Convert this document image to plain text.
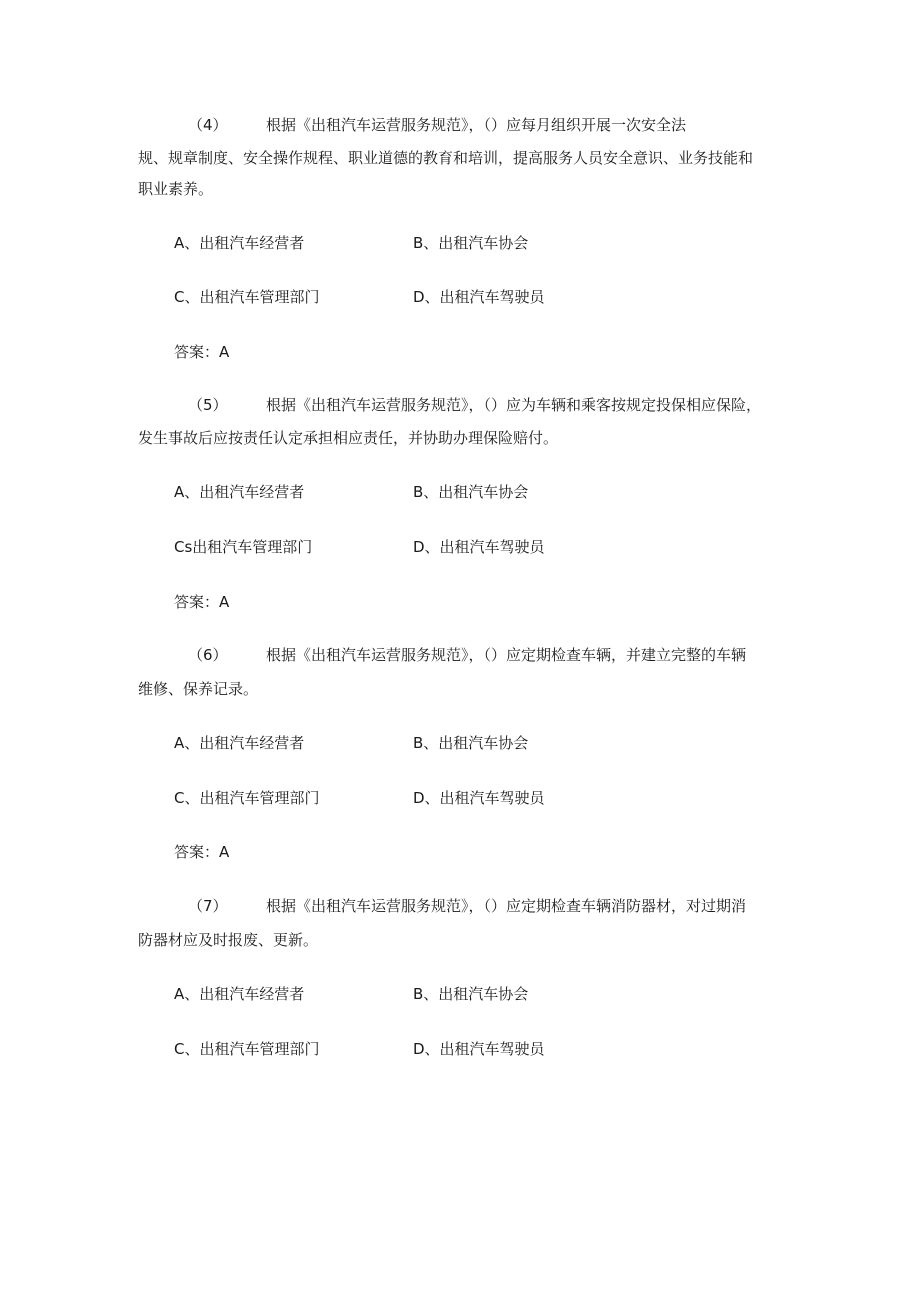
（4）	根据《出租汽车运营服务规范》，（）应每月组织开展一次安全法
规、规章制度、安全操作规程、职业道德的教育和培训，提高服务人员安全意识、业务技能和
职业素养。
A、出租汽车经营者	B、出租汽车协会
C、出租汽车管理部门	D、出租汽车驾驶员
答案：A
（5）	根据《出租汽车运营服务规范》，（）应为车辆和乘客按规定投保相应保险，
发生事故后应按责任认定承担相应责任，并协助办理保险赔付。
A、出租汽车经营者	B、出租汽车协会
Cs出租汽车管理部门	D、出租汽车驾驶员
答案：A
（6）	根据《出租汽车运营服务规范》，（）应定期检查车辆，并建立完整的车辆
维修、保养记录。
A、出租汽车经营者	B、出租汽车协会
C、出租汽车管理部门	D、出租汽车驾驶员
答案：A
（7）	根据《出租汽车运营服务规范》，（）应定期检查车辆消防器材，对过期消
防器材应及时报废、更新。
A、出租汽车经营者	B、出租汽车协会
C、出租汽车管理部门	D、出租汽车驾驶员
